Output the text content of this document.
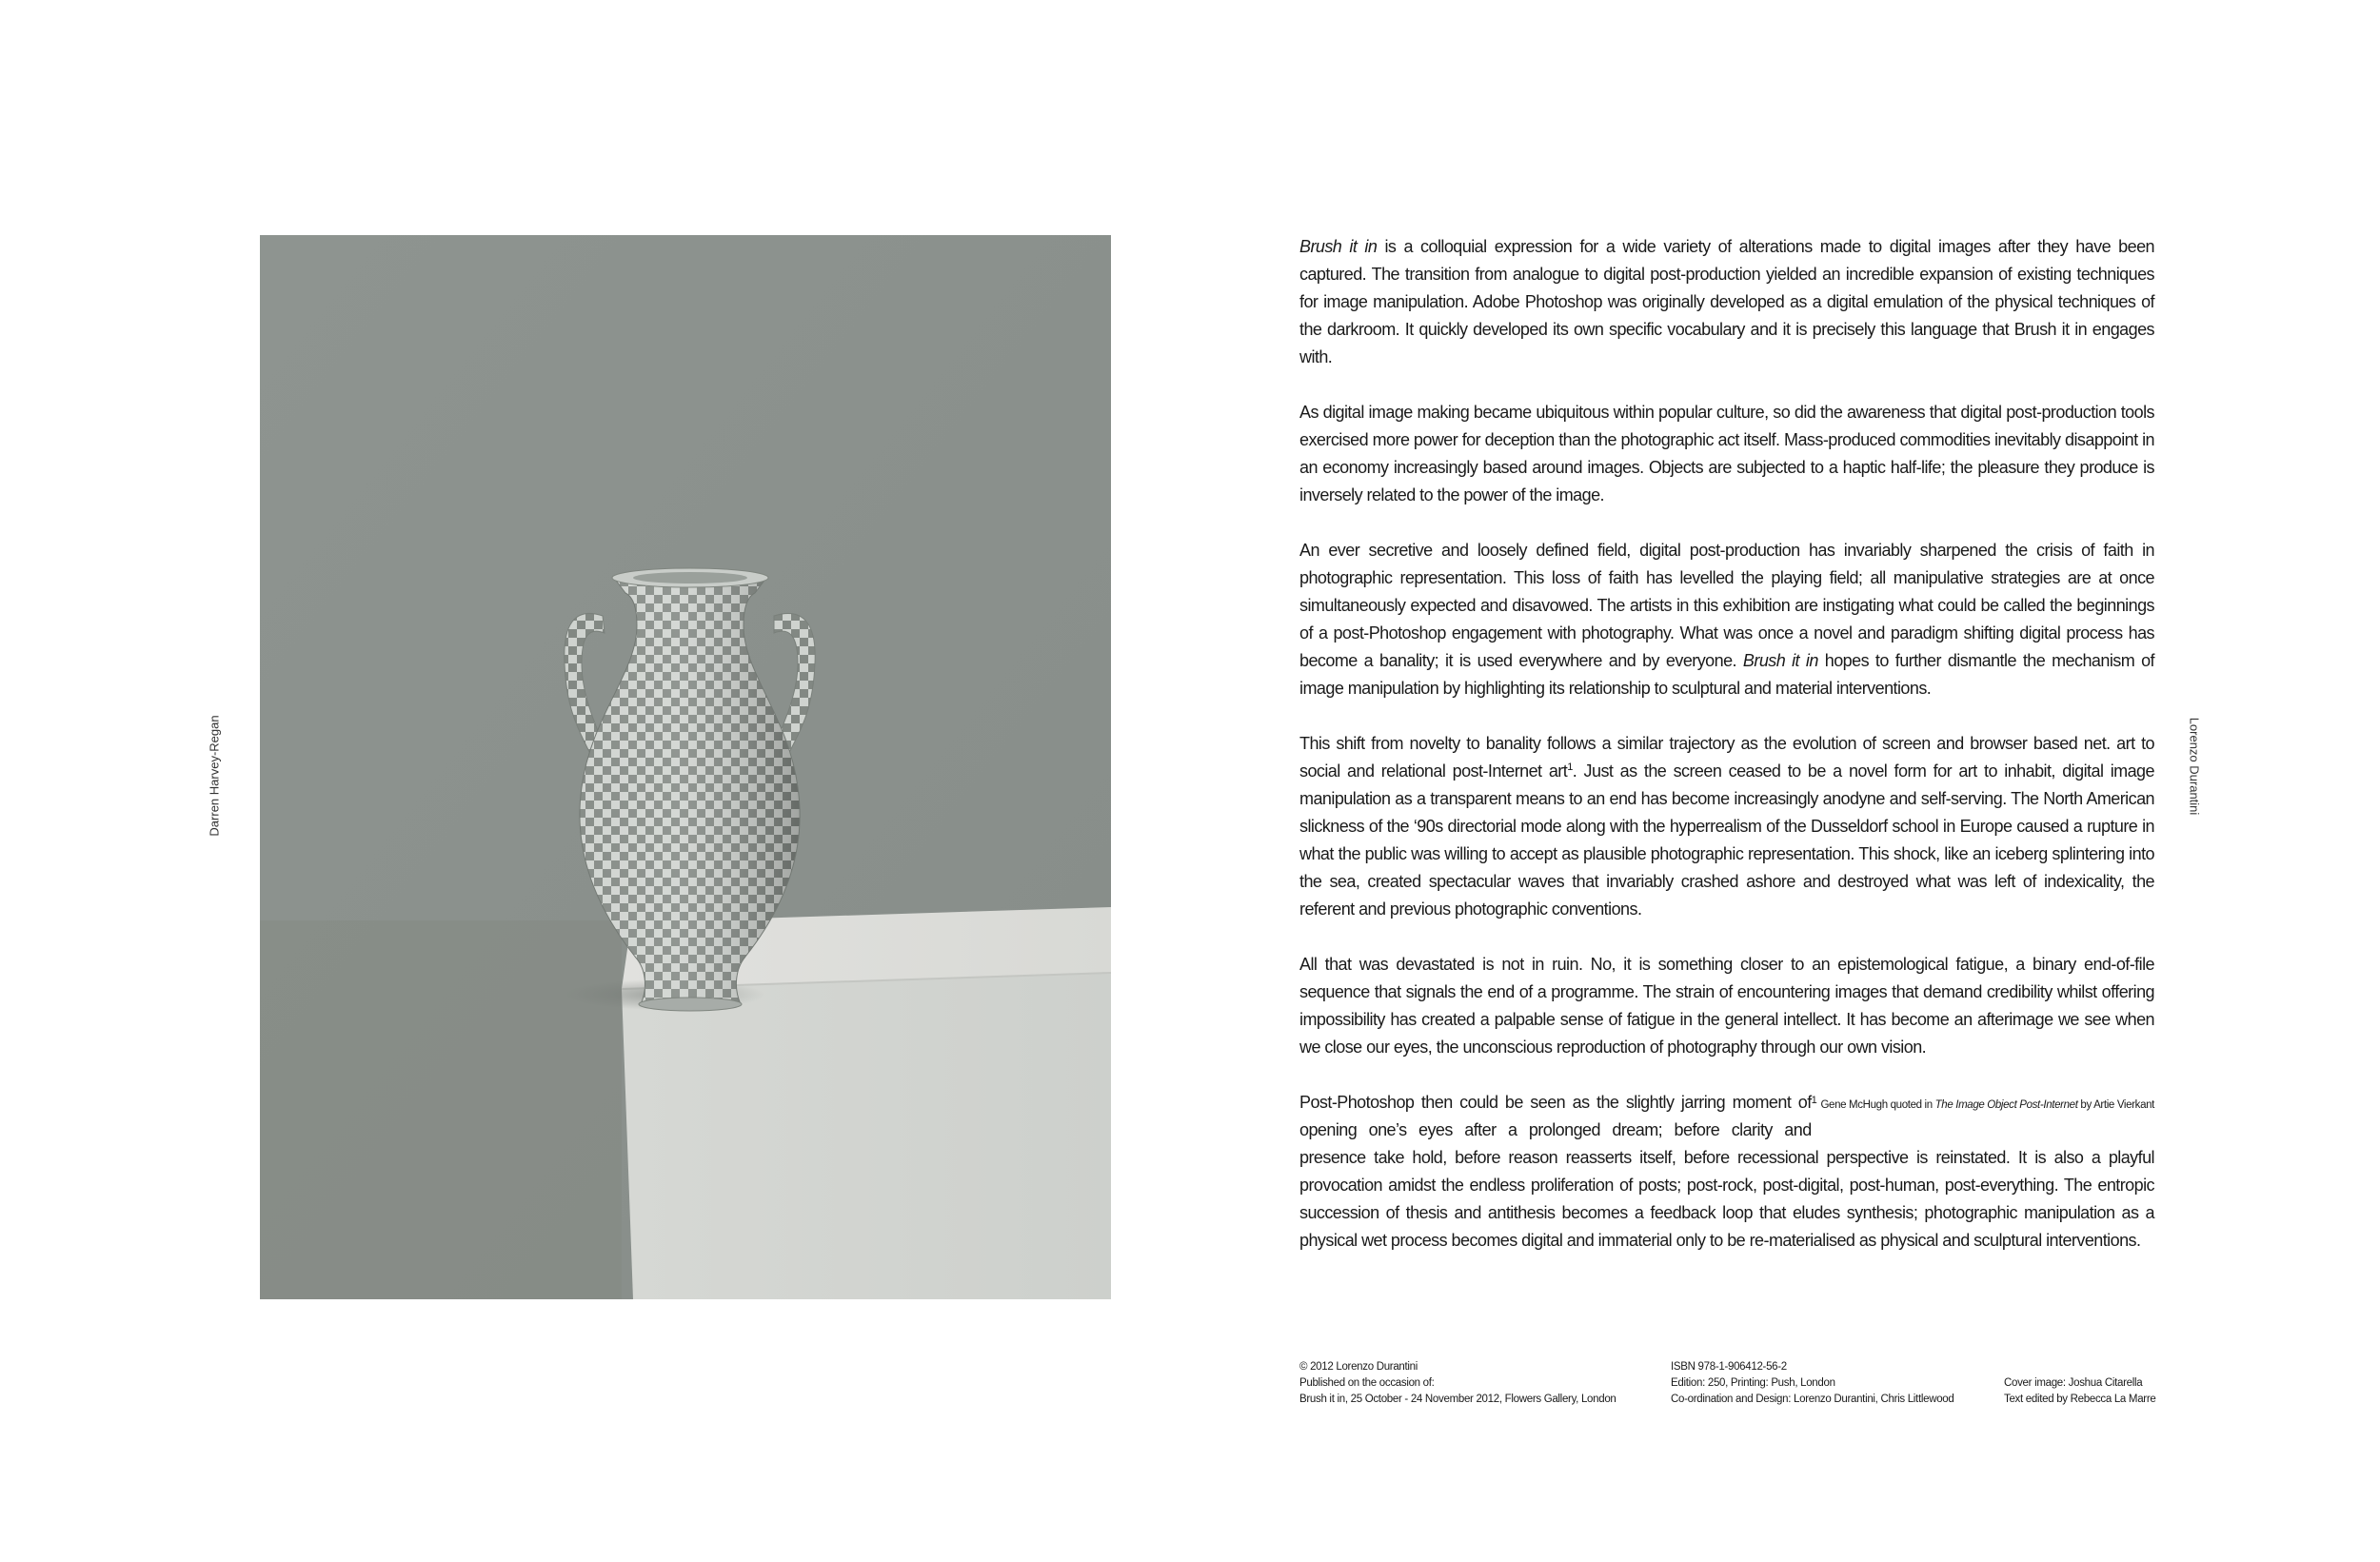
Darren Harvey-Regan	Lorenzo Durantini

Brush it in is a colloquial expression for a wide variety of alterations made to digital images after they have been captured. The transition from analogue to digital post-production yielded an incredible expansion of existing techniques for image manipulation. Adobe Photoshop was originally developed as a digital emulation of the physical techniques of the darkroom. It quickly developed its own specific vocabulary and it is precisely this language that Brush it in engages with.

As digital image making became ubiquitous within popular culture, so did the awareness that digital post-production tools exercised more power for deception than the photographic act itself. Mass-produced commodities inevitably disappoint in an economy increasingly based around images. Objects are subjected to a haptic half-life; the pleasure they produce is inversely related to the power of the image.

An ever secretive and loosely defined field, digital post-production has invariably sharpened the crisis of faith in photographic representation. This loss of faith has levelled the playing field; all manipulative strategies are at once simultaneously expected and disavowed. The artists in this exhibition are instigating what could be called the beginnings of a post-Photoshop engagement with photography. What was once a novel and paradigm shifting digital process has become a banality; it is used everywhere and by everyone. Brush it in hopes to further dismantle the mechanism of image manipulation by highlighting its relationship to sculptural and material interventions.

This shift from novelty to banality follows a similar trajectory as the evolution of screen and browser based net. art to social and relational post-Internet art$^1$. Just as the screen ceased to be a novel form for art to inhabit, digital image manipulation as a transparent means to an end has become increasingly anodyne and self-serving. The North American slickness of the ‘90s directorial mode along with the hyperrealism of the Dusseldorf school in Europe caused a rupture in what the public was willing to accept as plausible photographic representation. This shock, like an iceberg splintering into the sea, created spectacular waves that invariably crashed ashore and destroyed what was left of indexicality, the referent and previous photographic conventions.

All that was devastated is not in ruin. No, it is something closer to an epistemological fatigue, a binary end-of-file sequence that signals the end of a programme. The strain of encountering images that demand credibility whilst offering impossibility has created a palpable sense of fatigue in the general intellect. It has become an afterimage we see when we close our eyes, the unconscious reproduction of photography through our own vision.

$^1$ Gene McHugh quoted in The Image Object Post-Internet by Artie Vierkant
Post-Photoshop then could be seen as the slightly jarring moment of opening one’s eyes after a prolonged dream; before clarity and presence take hold, before reason reasserts itself, before recessional perspective is reinstated. It is also a playful provocation amidst the endless proliferation of posts; post-rock, post-digital, post-human, post-everything. The entropic succession of thesis and antithesis becomes a feedback loop that eludes synthesis; photographic manipulation as a physical wet process becomes digital and immaterial only to be re-materialised as physical and sculptural interventions.

© 2012 Lorenzo Durantini
Published on the occasion of:
Brush it in, 25 October - 24 November 2012, Flowers Gallery, London
ISBN 978-1-906412-56-2
Edition: 250, Printing: Push, London
Co-ordination and Design: Lorenzo Durantini, Chris Littlewood
Cover image: Joshua Citarella
Text edited by Rebecca La Marre
